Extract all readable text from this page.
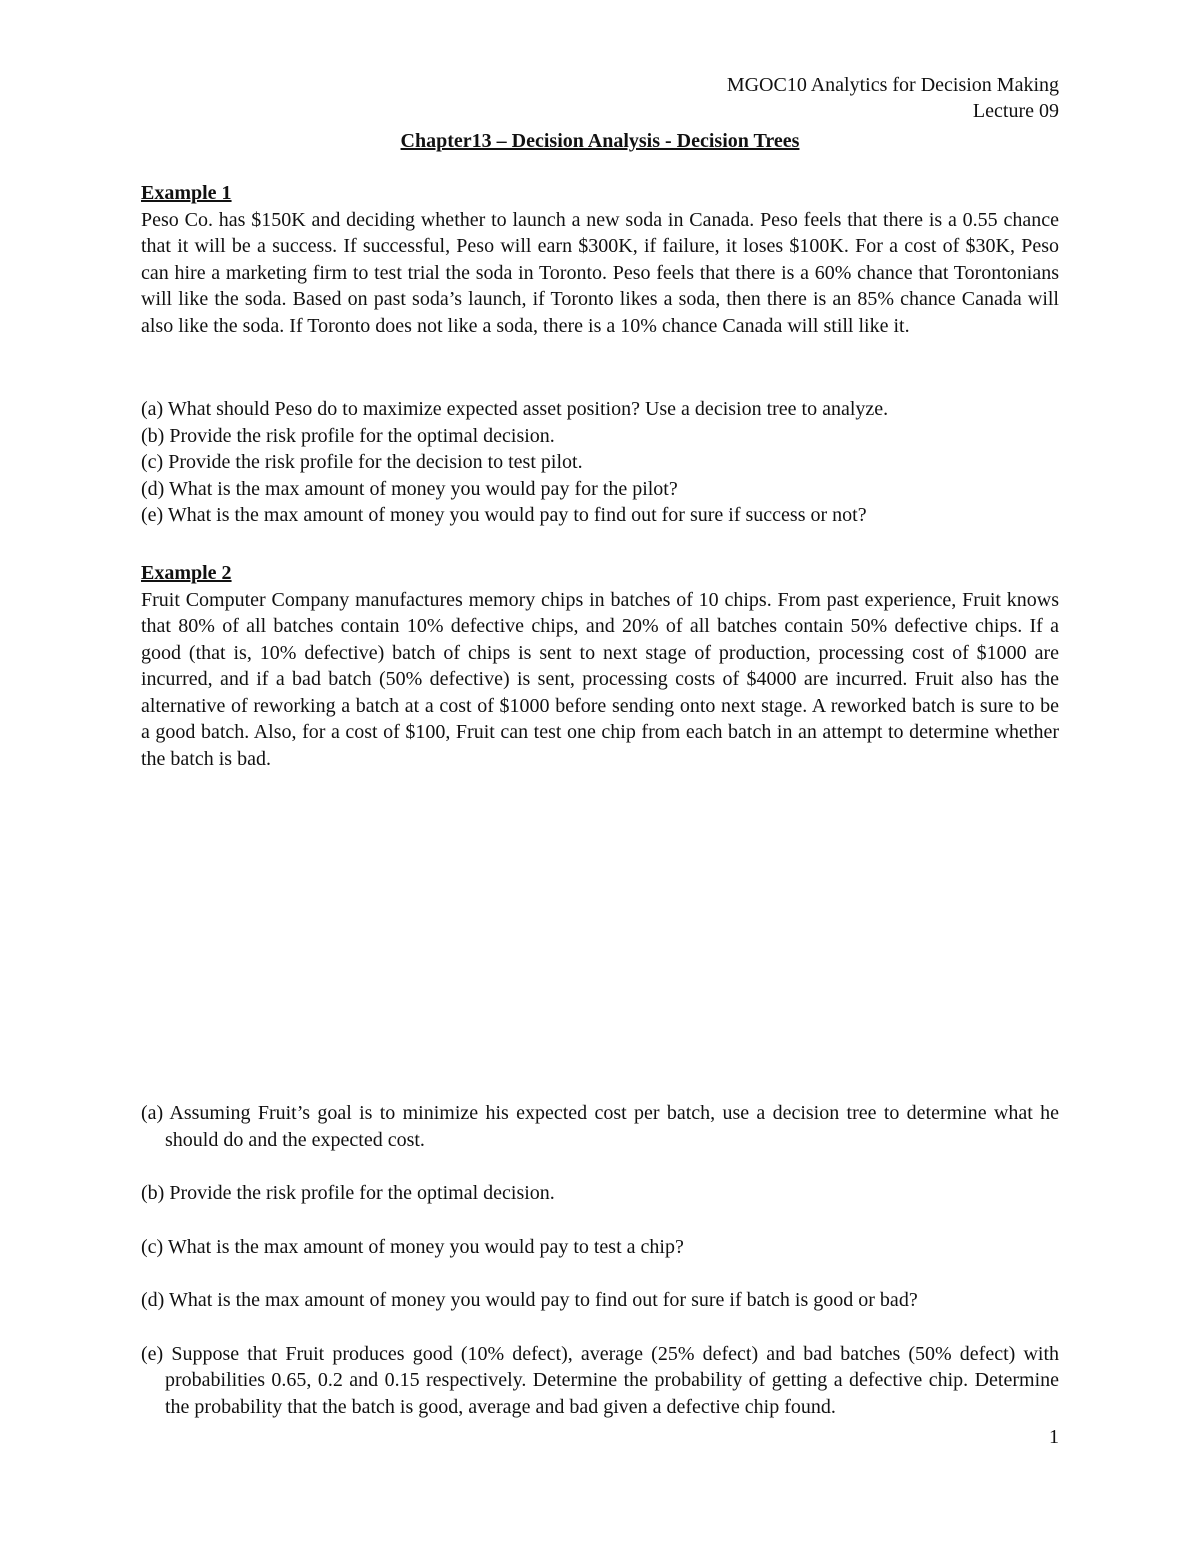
MGOC10 Analytics for Decision Making
Lecture 09
Chapter13 – Decision Analysis - Decision Trees
Example 1
Peso Co. has $150K and deciding whether to launch a new soda in Canada. Peso feels that there is a 0.55 chance that it will be a success. If successful, Peso will earn $300K, if failure, it loses $100K. For a cost of $30K, Peso can hire a marketing firm to test trial the soda in Toronto. Peso feels that there is a 60% chance that Torontonians will like the soda. Based on past soda’s launch, if Toronto likes a soda, then there is an 85% chance Canada will also like the soda. If Toronto does not like a soda, there is a 10% chance Canada will still like it.
(a) What should Peso do to maximize expected asset position? Use a decision tree to analyze.
(b) Provide the risk profile for the optimal decision.
(c) Provide the risk profile for the decision to test pilot.
(d) What is the max amount of money you would pay for the pilot?
(e) What is the max amount of money you would pay to find out for sure if success or not?
Example 2
Fruit Computer Company manufactures memory chips in batches of 10 chips. From past experience, Fruit knows that 80% of all batches contain 10% defective chips, and 20% of all batches contain 50% defective chips. If a good (that is, 10% defective) batch of chips is sent to next stage of production, processing cost of $1000 are incurred, and if a bad batch (50% defective) is sent, processing costs of $4000 are incurred. Fruit also has the alternative of reworking a batch at a cost of $1000 before sending onto next stage. A reworked batch is sure to be a good batch. Also, for a cost of $100, Fruit can test one chip from each batch in an attempt to determine whether the batch is bad.
(a) Assuming Fruit’s goal is to minimize his expected cost per batch, use a decision tree to determine what he should do and the expected cost.
(b) Provide the risk profile for the optimal decision.
(c) What is the max amount of money you would pay to test a chip?
(d) What is the max amount of money you would pay to find out for sure if batch is good or bad?
(e) Suppose that Fruit produces good (10% defect), average (25% defect) and bad batches (50% defect) with probabilities 0.65, 0.2 and 0.15 respectively. Determine the probability of getting a defective chip. Determine the probability that the batch is good, average and bad given a defective chip found.
1
